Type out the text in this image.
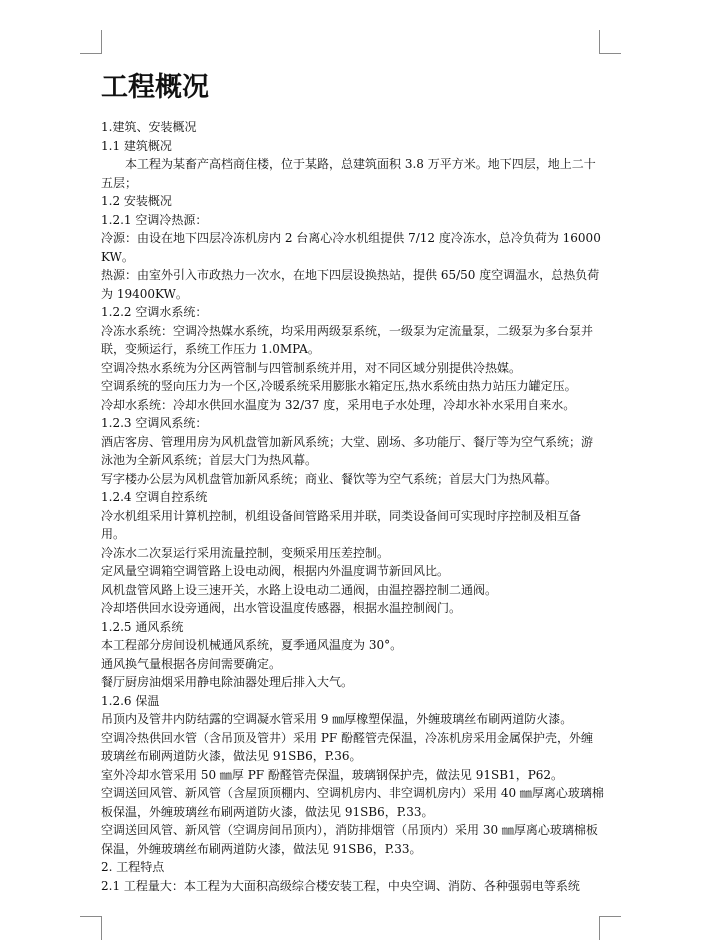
工程概况

1.建筑、安装概况

1.1 建筑概况

本工程为某畜产高档商住楼，位于某路，总建筑面积 3.8 万平方米。地下四层，地上二十五层；

1.2 安装概况

1.2.1 空调冷热源：

冷源：由设在地下四层冷冻机房内 2 台离心冷水机组提供 7/12 度冷冻水，总冷负荷为 16000KW。

热源：由室外引入市政热力一次水，在地下四层设换热站，提供 65/50 度空调温水，总热负荷为 19400KW。

1.2.2 空调水系统：

冷冻水系统：空调冷热媒水系统，均采用两级泵系统，一级泵为定流量泵，二级泵为多台泵并联，变频运行，系统工作压力 1.0MPA。

空调冷热水系统为分区两管制与四管制系统并用，对不同区域分别提供冷热媒。

空调系统的竖向压力为一个区,冷暖系统采用膨胀水箱定压,热水系统由热力站压力罐定压。

冷却水系统：冷却水供回水温度为 32/37 度，采用电子水处理，冷却水补水采用自来水。

1.2.3 空调风系统：

酒店客房、管理用房为风机盘管加新风系统；大堂、剧场、多功能厅、餐厅等为空气系统；游泳池为全新风系统；首层大门为热风幕。

写字楼办公层为风机盘管加新风系统；商业、餐饮等为空气系统；首层大门为热风幕。

1.2.4 空调自控系统

冷水机组采用计算机控制，机组设备间管路采用并联，同类设备间可实现时序控制及相互备用。

冷冻水二次泵运行采用流量控制，变频采用压差控制。

定风量空调箱空调管路上设电动阀，根据内外温度调节新回风比。

风机盘管风路上设三速开关，水路上设电动二通阀，由温控器控制二通阀。

冷却塔供回水设旁通阀，出水管设温度传感器，根据水温控制阀门。

1.2.5 通风系统

本工程部分房间设机械通风系统，夏季通风温度为 30°。

通风换气量根据各房间需要确定。

餐厅厨房油烟采用静电除油器处理后排入大气。

1.2.6 保温

吊顶内及管井内防结露的空调凝水管采用 9 ㎜厚橡塑保温，外缠玻璃丝布刷两道防火漆。

空调冷热供回水管（含吊顶及管井）采用 PF 酚醛管壳保温，冷冻机房采用金属保护壳，外缠玻璃丝布刷两道防火漆，做法见 91SB6，P.36。

室外冷却水管采用 50 ㎜厚 PF 酚醛管壳保温，玻璃钢保护壳，做法见 91SB1，P62。

空调送回风管、新风管（含屋顶顶棚内、空调机房内、非空调机房内）采用 40 ㎜厚离心玻璃棉板保温，外缠玻璃丝布刷两道防火漆，做法见 91SB6，P.33。

空调送回风管、新风管（空调房间吊顶内），消防排烟管（吊顶内）采用 30 ㎜厚离心玻璃棉板保温，外缠玻璃丝布刷两道防火漆，做法见 91SB6，P.33。

2. 工程特点

2.1 工程量大：本工程为大面积高级综合楼安装工程，中央空调、消防、各种强弱电等系统
